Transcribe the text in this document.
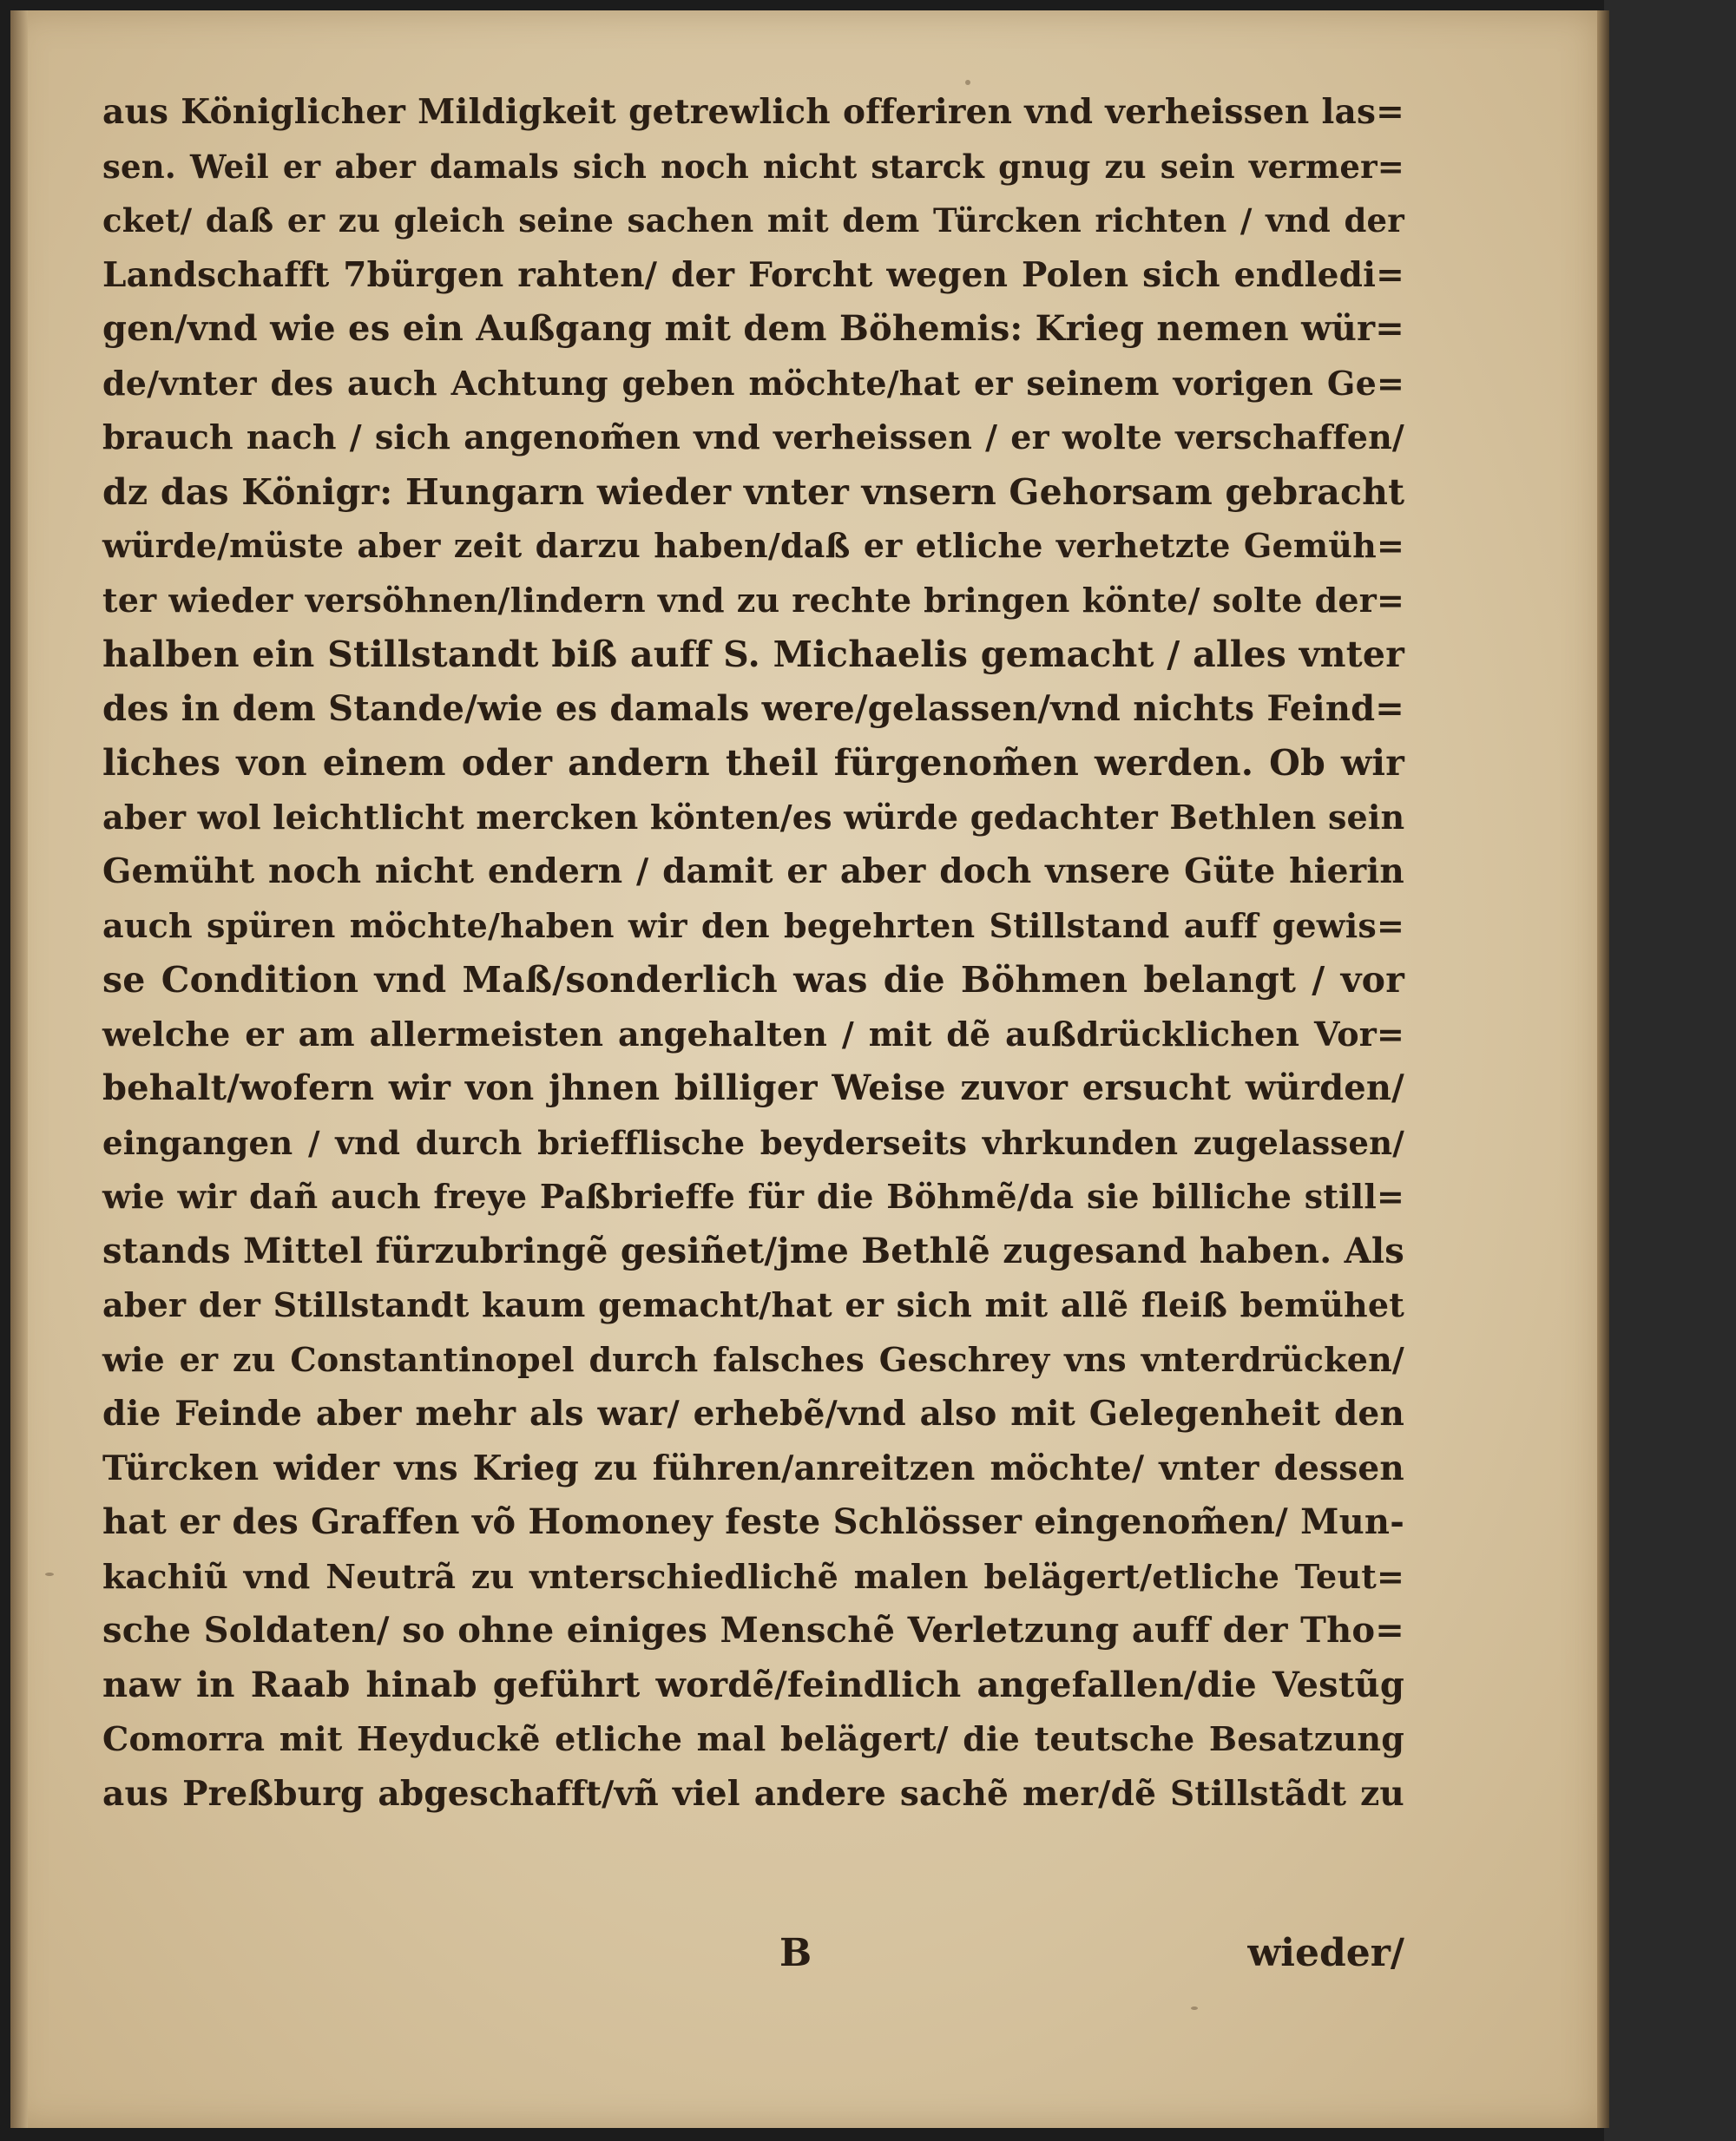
aus Königlicher Mildigkeit getrewlich offeriren vnd verheissen las=
sen. Weil er aber damals sich noch nicht starck gnug zu sein vermer=
cket/ daß er zu gleich seine sachen mit dem Türcken richten / vnd der
Landschafft 7bürgen rahten/ der Forcht wegen Polen sich endledi=
gen/vnd wie es ein Außgang mit dem Böhemis: Krieg nemen wür=
de/vnter des auch Achtung geben möchte/hat er seinem vorigen Ge=
brauch nach / sich angenom̃en vnd verheissen / er wolte verschaffen/
dz das Königr: Hungarn wieder vnter vnsern Gehorsam gebracht
würde/müste aber zeit darzu haben/daß er etliche verhetzte Gemüh=
ter wieder versöhnen/lindern vnd zu rechte bringen könte/ solte der=
halben ein Stillstandt biß auff S. Michaelis gemacht / alles vnter
des in dem Stande/wie es damals were/gelassen/vnd nichts Feind=
liches von einem oder andern theil fürgenom̃en werden. Ob wir
aber wol leichtlicht mercken könten/es würde gedachter Bethlen sein
Gemüht noch nicht endern / damit er aber doch vnsere Güte hierin
auch spüren möchte/haben wir den begehrten Stillstand auff gewis=
se Condition vnd Maß/sonderlich was die Böhmen belangt / vor
welche er am allermeisten angehalten / mit dẽ außdrücklichen Vor=
behalt/wofern wir von jhnen billiger Weise zuvor ersucht würden/
eingangen / vnd durch briefflische beyderseits vhrkunden zugelassen/
wie wir dañ auch freye Paßbrieffe für die Böhmẽ/da sie billiche still=
stands Mittel fürzubringẽ gesiñet/jme Bethlẽ zugesand haben. Als
aber der Stillstandt kaum gemacht/hat er sich mit allẽ fleiß bemühet
wie er zu Constantinopel durch falsches Geschrey vns vnterdrücken/
die Feinde aber mehr als war/ erhebẽ/vnd also mit Gelegenheit den
Türcken wider vns Krieg zu führen/anreitzen möchte/ vnter dessen
hat er des Graffen võ Homoney feste Schlösser eingenom̃en/ Mun-
kachiũ vnd Neutrã zu vnterschiedlichẽ malen belägert/etliche Teut=
sche Soldaten/ so ohne einiges Menschẽ Verletzung auff der Tho=
naw in Raab hinab geführt wordẽ/feindlich angefallen/die Vestũg
Comorra mit Heyduckẽ etliche mal belägert/ die teutsche Besatzung
aus Preßburg abgeschafft/vñ viel andere sachẽ mer/dẽ Stillstãdt zu
B	wieder/
